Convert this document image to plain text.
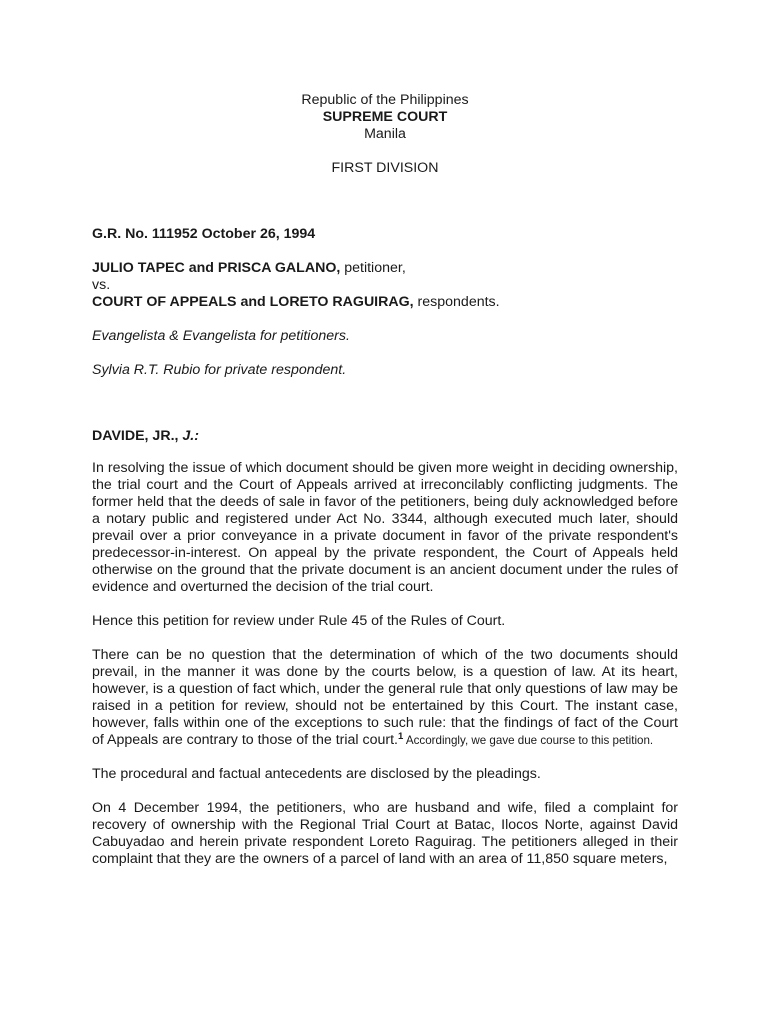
Republic of the Philippines
SUPREME COURT
Manila
FIRST DIVISION
G.R. No. 111952 October 26, 1994
JULIO TAPEC and PRISCA GALANO, petitioner,
vs.
COURT OF APPEALS and LORETO RAGUIRAG, respondents.
Evangelista & Evangelista for petitioners.
Sylvia R.T. Rubio for private respondent.
DAVIDE, JR., J.:

In resolving the issue of which document should be given more weight in deciding ownership, the trial court and the Court of Appeals arrived at irreconcilably conflicting judgments. The former held that the deeds of sale in favor of the petitioners, being duly acknowledged before a notary public and registered under Act No. 3344, although executed much later, should prevail over a prior conveyance in a private document in favor of the private respondent's predecessor-in-interest. On appeal by the private respondent, the Court of Appeals held otherwise on the ground that the private document is an ancient document under the rules of evidence and overturned the decision of the trial court.

Hence this petition for review under Rule 45 of the Rules of Court.

There can be no question that the determination of which of the two documents should prevail, in the manner it was done by the courts below, is a question of law. At its heart, however, is a question of fact which, under the general rule that only questions of law may be raised in a petition for review, should not be entertained by this Court. The instant case, however, falls within one of the exceptions to such rule: that the findings of fact of the Court of Appeals are contrary to those of the trial court.$^1$ Accordingly, we gave due course to this petition.

The procedural and factual antecedents are disclosed by the pleadings.

On 4 December 1994, the petitioners, who are husband and wife, filed a complaint for recovery of ownership with the Regional Trial Court at Batac, Ilocos Norte, against David Cabuyadao and herein private respondent Loreto Raguirag. The petitioners alleged in their complaint that they are the owners of a parcel of land with an area of 11,850 square meters,
